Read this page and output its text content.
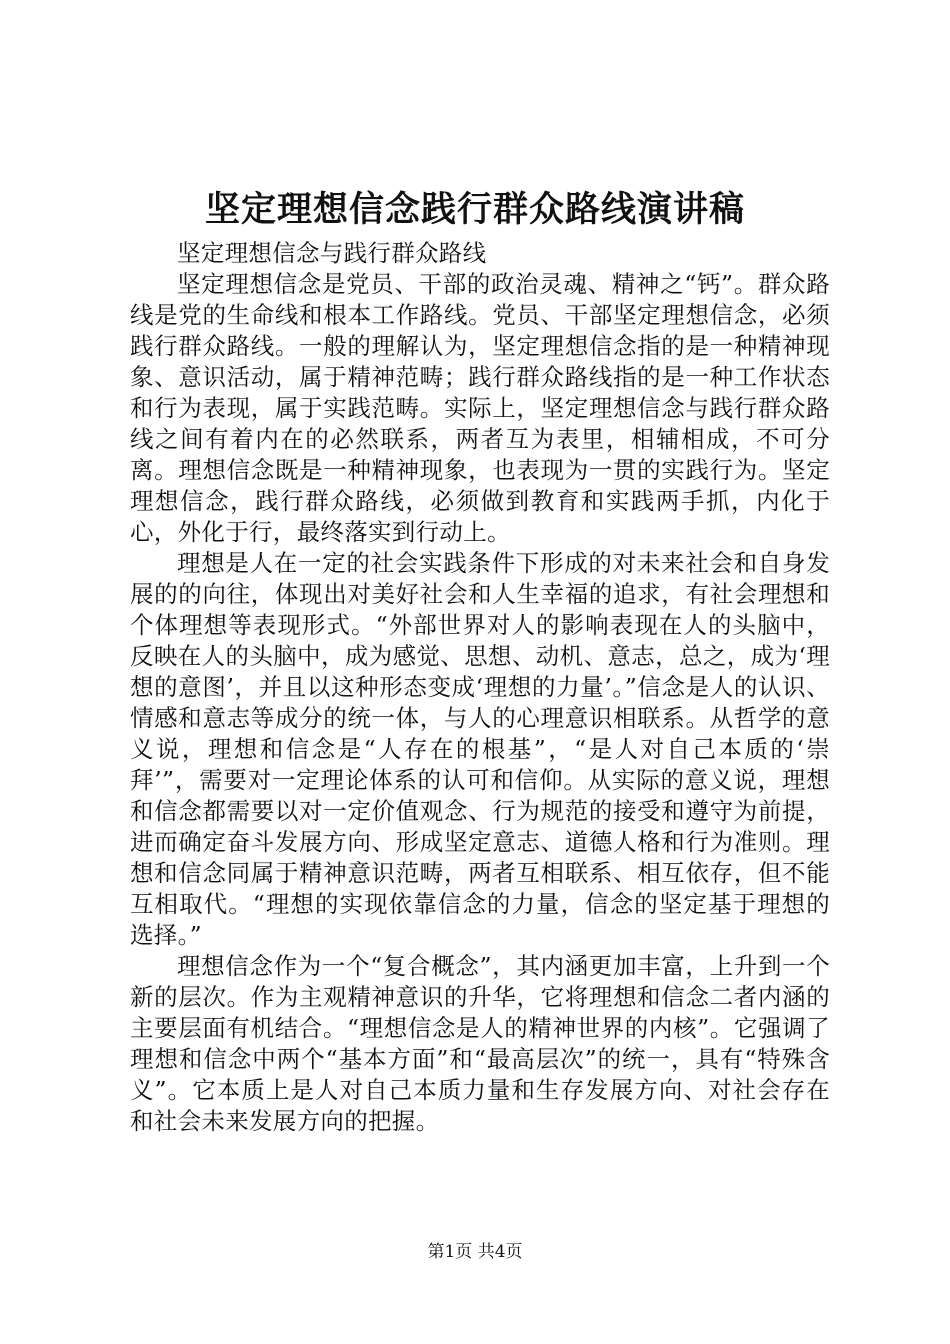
坚定理想信念践行群众路线演讲稿

坚定理想信念与践行群众路线

坚定理想信念是党员、干部的政治灵魂、精神之“钙”。群众路线是党的生命线和根本工作路线。党员、干部坚定理想信念，必须践行群众路线。一般的理解认为，坚定理想信念指的是一种精神现象、意识活动，属于精神范畴；践行群众路线指的是一种工作状态和行为表现，属于实践范畴。实际上，坚定理想信念与践行群众路线之间有着内在的必然联系，两者互为表里，相辅相成，不可分离。理想信念既是一种精神现象，也表现为一贯的实践行为。坚定理想信念，践行群众路线，必须做到教育和实践两手抓，内化于心，外化于行，最终落实到行动上。

理想是人在一定的社会实践条件下形成的对未来社会和自身发展的的向往，体现出对美好社会和人生幸福的追求，有社会理想和个体理想等表现形式。“外部世界对人的影响表现在人的头脑中，反映在人的头脑中，成为感觉、思想、动机、意志，总之，成为‘理想的意图’，并且以这种形态变成‘理想的力量’。”信念是人的认识、情感和意志等成分的统一体，与人的心理意识相联系。从哲学的意义说，理想和信念是“人存在的根基”，“是人对自己本质的‘崇拜’”，需要对一定理论体系的认可和信仰。从实际的意义说，理想和信念都需要以对一定价值观念、行为规范的接受和遵守为前提，进而确定奋斗发展方向、形成坚定意志、道德人格和行为准则。理想和信念同属于精神意识范畴，两者互相联系、相互依存，但不能互相取代。“理想的实现依靠信念的力量，信念的坚定基于理想的选择。”

理想信念作为一个“复合概念”，其内涵更加丰富，上升到一个新的层次。作为主观精神意识的升华，它将理想和信念二者内涵的主要层面有机结合。“理想信念是人的精神世界的内核”。它强调了理想和信念中两个“基本方面”和“最高层次”的统一，具有“特殊含义”。它本质上是人对自己本质力量和生存发展方向、对社会存在和社会未来发展方向的把握。

第1页 共4页
